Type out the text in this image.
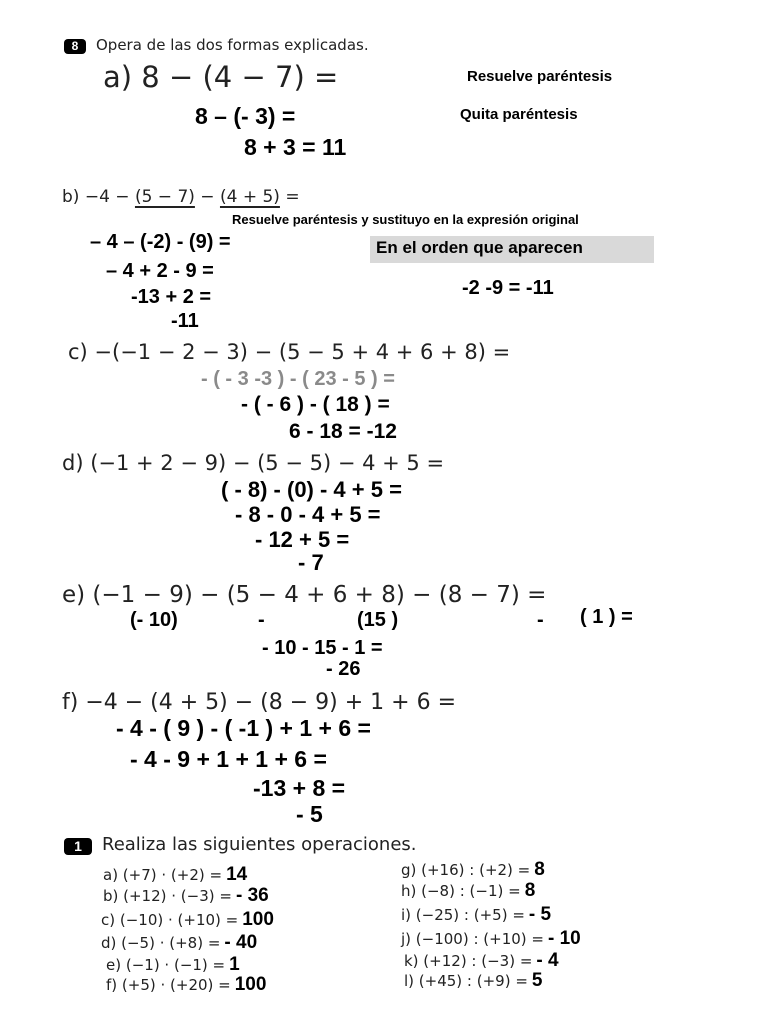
8	Opera de las dos formas explicadas.
a) 8 − (4 − 7) =	Resuelve paréntesis
8 – (- 3) =	Quita paréntesis
8 + 3 = 11
b) −4 − (5 − 7) − (4 + 5) =
Resuelve paréntesis y sustituyo en la expresión original
– 4 – (-2) - (9) =	En el orden que aparecen
– 4 + 2 - 9 =
-2 -9 = -11
-13 + 2 =
-11
c) −(−1 − 2 − 3) − (5 − 5 + 4 + 6 + 8) =
- ( - 3 -3 ) - ( 23 - 5 ) =
- ( - 6 ) - ( 18 ) =
6 - 18 = -12
d) (−1 + 2 − 9) − (5 − 5) − 4 + 5 =
( - 8) - (0) - 4 + 5 =
- 8 - 0 - 4 + 5 =
- 12 + 5 =
- 7
e) (−1 − 9) − (5 − 4 + 6 + 8) − (8 − 7) =
(- 10)	-	(15 )	- ( 1 ) =
- 10 - 15 - 1 =
- 26
f) −4 − (4 + 5) − (8 − 9) + 1 + 6 =
- 4 - ( 9 ) - ( -1 ) + 1 + 6 =
- 4 - 9 + 1 + 1 + 6 =
-13 + 8 =
- 5
1	Realiza las siguientes operaciones.
a) (+7) · (+2) = 14
b) (+12) · (−3) = - 36
c) (−10) · (+10) = 100
d) (−5) · (+8) = - 40
e) (−1) · (−1) = 1
f) (+5) · (+20) = 100
g) (+16) : (+2) = 8
h) (−8) : (−1) = 8
i) (−25) : (+5) = - 5
j) (−100) : (+10) = - 10
k) (+12) : (−3) = - 4
l) (+45) : (+9) = 5
